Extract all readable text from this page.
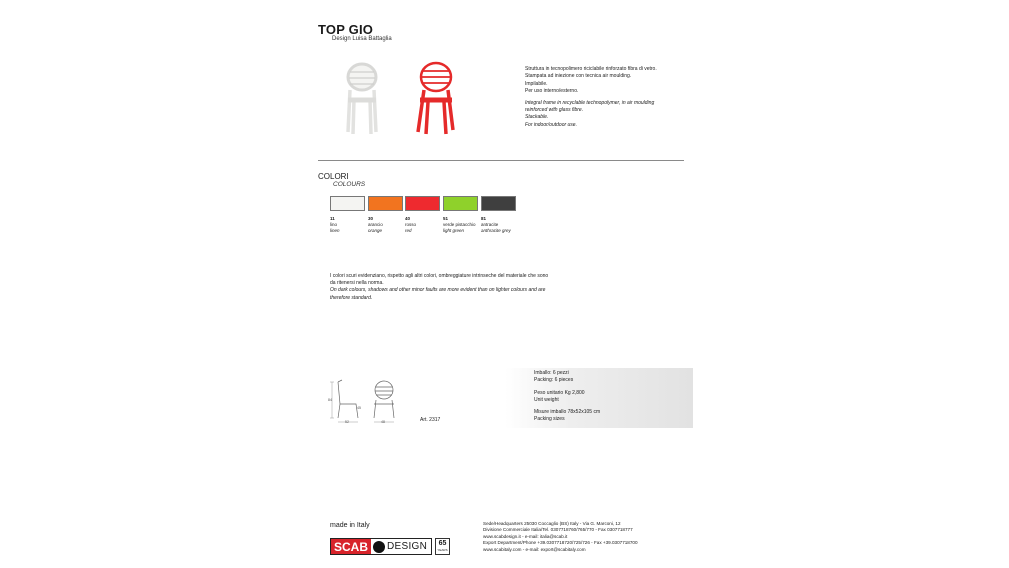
TOP GIO
Design Luisa Battaglia

Struttura in tecnopolimero riciclabile rinforzato fibra di vetro.

Stampata ad iniezione con tecnica air moulding.

Impilabile.

Per uso interno/esterno.

Integral frame in recyclable technopolymer, in air moulding

reinforced with glass fibre.

Stackable.

For indoor/outdoor use.

COLORI
COLOURS
11
lino
linen
30
arancio
orange
40
rosso
red
51
verde pistacchio
light green
81
antracite
anthracite grey

I colori scuri evidenziano, rispetto agli altri colori, ombreggiature intrinseche del materiale che sono da ritenersi nella norma.

On dark colours, shadows and other minor faults are more evident than on lighter colours and are therefore standard.

84
45
52	48	Art. 2317
Imballo: 6 pezzi
Packing: 6 pieces
Peso unitario Kg 2,800
Unit weight
Misure imballo 78x52x105 cm
Packing sizes
made in Italy
SCAB	DESIGN	65
YEARS

Sede/Headquarters 25030 Coccaglio (BS) Italy - Via G. Marconi, 12

Divisione Commerciale Italia/Tel. 0307718760/765/770 - Fax 0307718777

www.scabdesign.it - e-mail: italia@scab.it

Export Department/Phone +39.0307718720/725/726 - Fax +39.0307718700

www.scabitaly.com - e-mail: export@scabitaly.com
